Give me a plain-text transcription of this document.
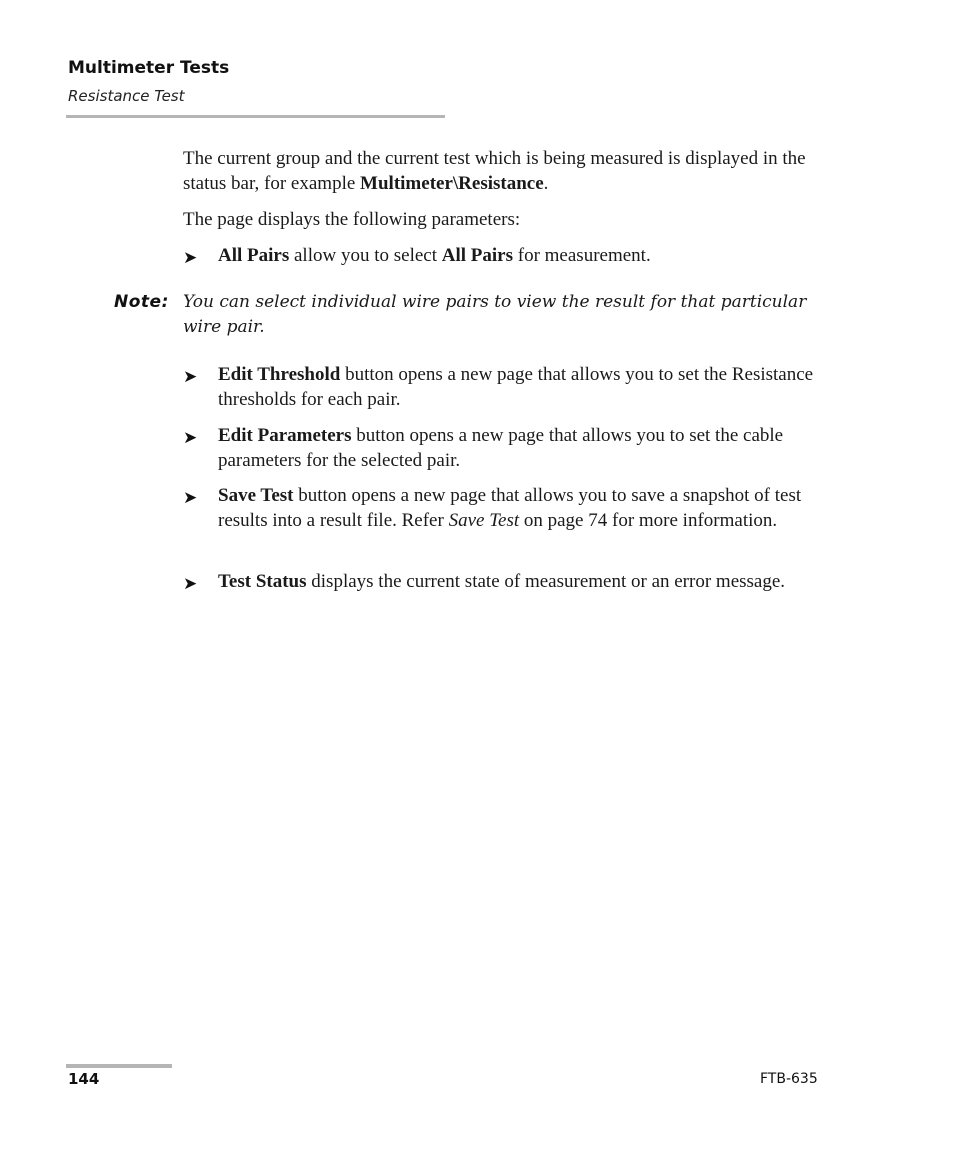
Multimeter Tests
Resistance Test

The current group and the current test which is being measured is displayed in the status bar, for example Multimeter\Resistance.

The page displays the following parameters:

➤ All Pairs allow you to select All Pairs for measurement.
Note: You can select individual wire pairs to view the result for that particular wire pair.
➤ Edit Threshold button opens a new page that allows you to set the Resistance thresholds for each pair.
➤ Edit Parameters button opens a new page that allows you to set the cable parameters for the selected pair.
➤ Save Test button opens a new page that allows you to save a snapshot of test results into a result file. Refer Save Test on page 74 for more information.
➤ Test Status displays the current state of measurement or an error message.
144	FTB-635
